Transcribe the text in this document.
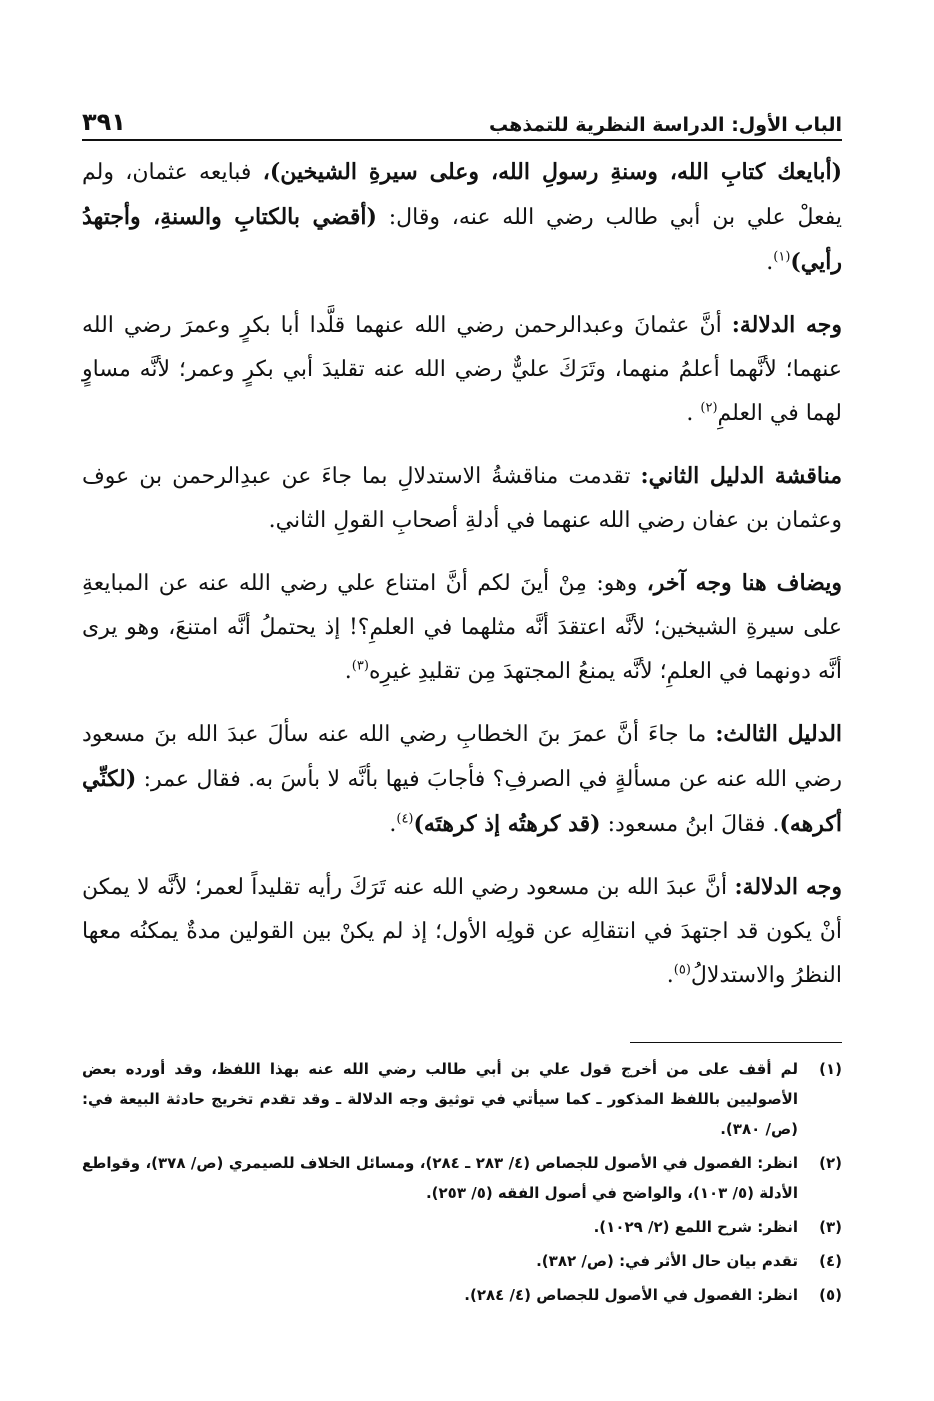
الباب الأول: الدراسة النظرية للتمذهب
٣٩١

(أبايعك كتابِ الله، وسنةِ رسولِ الله، وعلى سيرةِ الشيخين)، فبايعه عثمان، ولم يفعلْ علي بن أبي طالب رضي الله عنه، وقال: (أقضي بالكتابِ والسنةِ، وأجتهدُ رأيي)$^{(١)}$.

وجه الدلالة: أنَّ عثمانَ وعبدالرحمن رضي الله عنهما قلَّدا أبا بكرٍ وعمرَ رضي الله عنهما؛ لأنَّهما أعلمُ منهما، وتَرَكَ عليٌّ رضي الله عنه تقليدَ أبي بكرٍ وعمر؛ لأنَّه مساوٍ لهما في العلمِ$^{(٢)}$ .

مناقشة الدليل الثاني: تقدمت مناقشةُ الاستدلالِ بما جاءَ عن عبدِالرحمن بن عوف وعثمان بن عفان رضي الله عنهما في أدلةِ أصحابِ القولِ الثاني.

ويضاف هنا وجه آخر، وهو: مِنْ أينَ لكم أنَّ امتناع علي رضي الله عنه عن المبايعةِ على سيرةِ الشيخين؛ لأنَّه اعتقدَ أنَّه مثلهما في العلمِ؟! إذ يحتملُ أنَّه امتنعَ، وهو يرى أنَّه دونهما في العلمِ؛ لأنَّه يمنعُ المجتهدَ مِن تقليدِ غيرِه$^{(٣)}$.

الدليل الثالث: ما جاءَ أنَّ عمرَ بنَ الخطابِ رضي الله عنه سألَ عبدَ الله بنَ مسعود رضي الله عنه عن مسألةٍ في الصرفِ؟ فأجابَ فيها بأنَّه لا بأسَ به. فقال عمر: (لكنِّي أكرهه). فقالَ ابنُ مسعود: (قد كرهتُه إذ كرهتَه)$^{(٤)}$.

وجه الدلالة: أنَّ عبدَ الله بن مسعود رضي الله عنه تَرَكَ رأيه تقليداً لعمر؛ لأنَّه لا يمكن أنْ يكون قد اجتهدَ في انتقالِه عن قولِه الأول؛ إذ لم يكنْ بين القولين مدةٌ يمكنُه معها النظرُ والاستدلالُ$^{(٥)}$.

(١)
لم أقف على من أخرج قول علي بن أبي طالب رضي الله عنه بهذا اللفظ، وقد أورده بعض الأصوليين باللفظ المذكور ـ كما سيأتي في توثيق وجه الدلالة ـ وقد تقدم تخريج حادثة البيعة في: (ص/ ٣٨٠).
(٢)
انظر: الفصول في الأصول للجصاص (٤/ ٢٨٣ ـ ٢٨٤)، ومسائل الخلاف للصيمري (ص/ ٣٧٨)، وقواطع الأدلة (٥/ ١٠٣)، والواضح في أصول الفقه (٥/ ٢٥٣).
(٣)
انظر: شرح اللمع (٢/ ١٠٢٩).
(٤)
تقدم بيان حال الأثر في: (ص/ ٣٨٢).
(٥)
انظر: الفصول في الأصول للجصاص (٤/ ٢٨٤).
